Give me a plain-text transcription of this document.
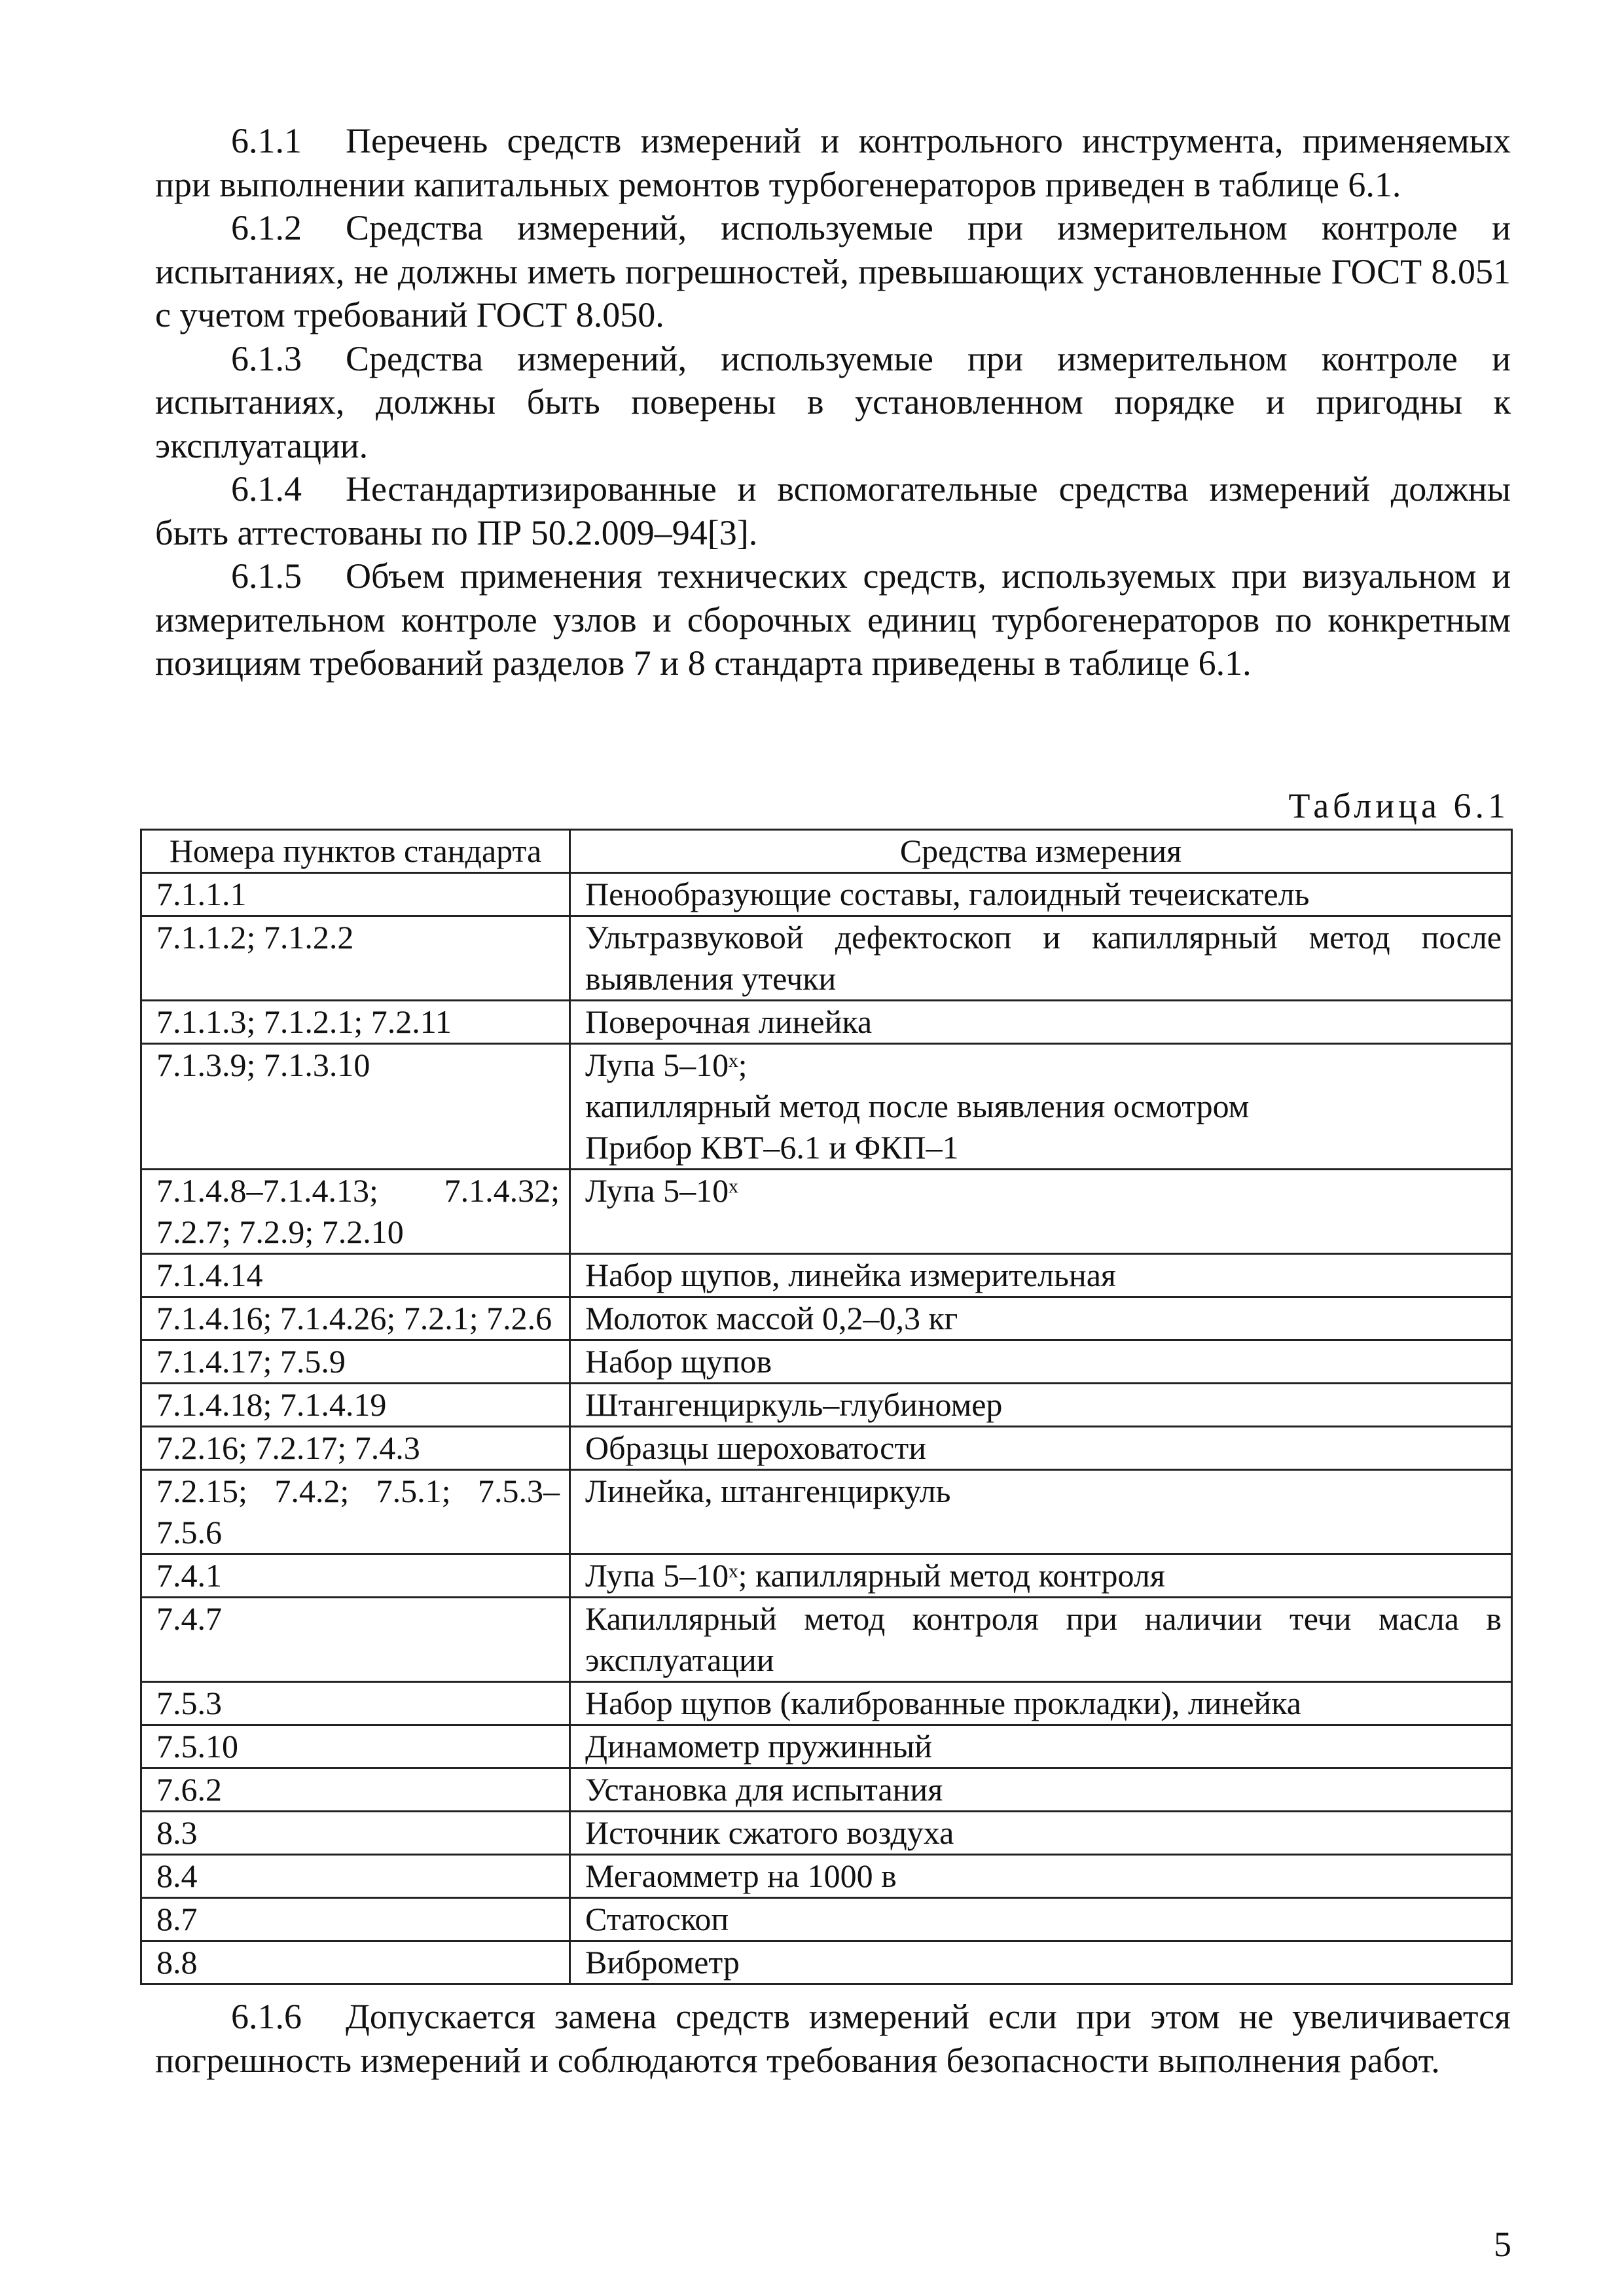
6.1.1 Перечень средств измерений и контрольного инструмента, применяемых при выполнении капитальных ремонтов турбогенераторов приведен в таблице 6.1.

6.1.2 Средства измерений, используемые при измерительном контроле и испытаниях, не должны иметь погрешностей, превышающих установленные ГОСТ 8.051 с учетом требований ГОСТ 8.050.

6.1.3 Средства измерений, используемые при измерительном контроле и испытаниях, должны быть поверены в установленном порядке и пригодны к эксплуатации.

6.1.4 Нестандартизированные и вспомогательные средства измерений должны быть аттестованы по ПР 50.2.009–94[3].

6.1.5 Объем применения технических средств, используемых при визуальном и измерительном контроле узлов и сборочных единиц турбогенераторов по конкретным позициям требований разделов 7 и 8 стандарта приведены в таблице 6.1.

Таблица 6.1
Номера пунктов стандарта	Средства измерения
7.1.1.1	Пенообразующие составы, галоидный течеискатель

7.1.1.2; 7.1.2.2	Ультразвуковой дефектоскоп и капиллярный метод после выявления утечки

7.1.1.3; 7.1.2.1; 7.2.11	Поверочная линейка

7.1.3.9; 7.1.3.10	Лупа 5–10ˣ;
капиллярный метод после выявления осмотром
Прибор КВТ–6.1 и ФКП–1

7.1.4.8–7.1.4.13; 7.1.4.32; 7.2.7; 7.2.9; 7.2.10	Лупа 5–10ˣ

7.1.4.14	Набор щупов, линейка измерительная

7.1.4.16; 7.1.4.26; 7.2.1; 7.2.6	Молоток массой 0,2–0,3 кг

7.1.4.17; 7.5.9	Набор щупов

7.1.4.18; 7.1.4.19	Штангенциркуль–глубиномер

7.2.16; 7.2.17; 7.4.3	Образцы шероховатости

7.2.15; 7.4.2; 7.5.1; 7.5.3–7.5.6	Линейка, штангенциркуль

7.4.1	Лупа 5–10ˣ; капиллярный метод контроля

7.4.7	Капиллярный метод контроля при наличии течи масла в эксплуатации

7.5.3	Набор щупов (калиброванные прокладки), линейка

7.5.10	Динамометр пружинный

7.6.2	Установка для испытания

8.3	Источник сжатого воздуха

8.4	Мегаомметр на 1000 в

8.7	Статоскоп

8.8	Виброметр

6.1.6 Допускается замена средств измерений если при этом не увеличивается погрешность измерений и соблюдаются требования безопасности выполнения работ.

5
